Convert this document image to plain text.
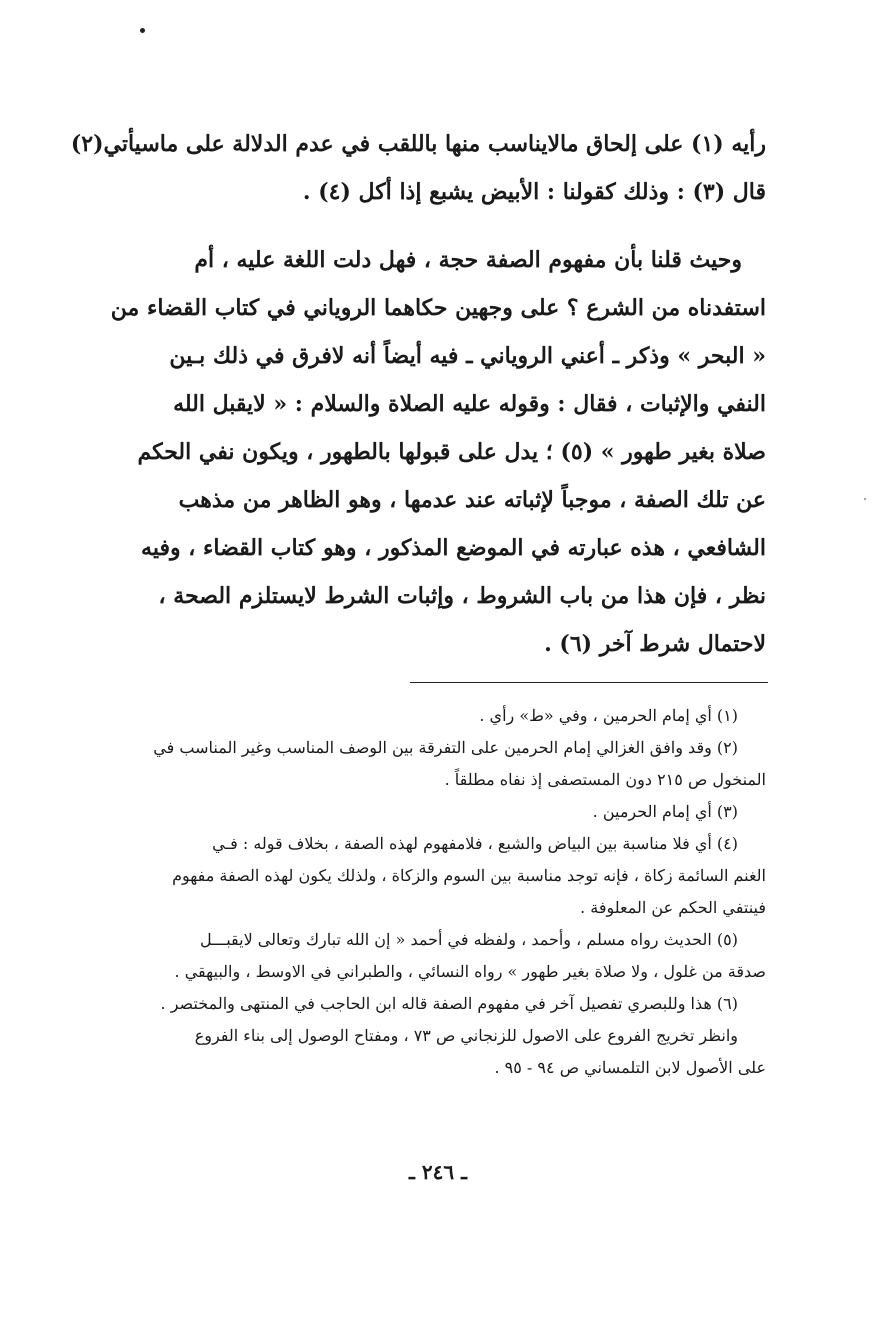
رأيه (١) على إلحاق مالايناسب منها باللقب في عدم الدلالة على ماسيأتي(٢)
قال (٣) : وذلك كقولنا : الأبيض يشبع إذا أكل (٤) .
وحيث قلنا بأن مفهوم الصفة حجة ، فهل دلت اللغة عليه ، أم
استفدناه من الشرع ؟ على وجهين حكاهما الروياني في كتاب القضاء من
« البحر » وذكر ـ أعني الروياني ـ فيه أيضاً أنه لافرق في ذلك بـين
النفي والإثبات ، فقال : وقوله عليه الصلاة والسلام : « لايقبل الله
صلاة بغير طهور » (٥) ؛ يدل على قبولها بالطهور ، ويكون نفي الحكم
عن تلك الصفة ، موجباً لإثباته عند عدمها ، وهو الظاهر من مذهب
الشافعي ، هذه عبارته في الموضع المذكور ، وهو كتاب القضاء ، وفيه
نظر ، فإن هذا من باب الشروط ، وإثبات الشرط لايستلزم الصحة ،
لاحتمال شرط آخر (٦) .
(١) أي إمام الحرمين ، وفي «ط» رأي .
(٢) وقد وافق الغزالي إمام الحرمين على التفرقة بين الوصف المناسب وغير المناسب في
المنخول ص ٢١٥ دون المستصفى إذ نفاه مطلقاً .
(٣) أي إمام الحرمين .
(٤) أي فلا مناسبة بين البياض والشبع ، فلامفهوم لهذه الصفة ، بخلاف قوله : فـي
الغنم السائمة زكاة ، فإنه توجد مناسبة بين السوم والزكاة ، ولذلك يكون لهذه الصفة مفهوم
فينتفي الحكم عن المعلوفة .
(٥) الحديث رواه مسلم ، وأحمد ، ولفظه في أحمد « إن الله تبارك وتعالى لايقبـــل
صدقة من غلول ، ولا صلاة بغير طهور » رواه النسائي ، والطبراني في الاوسط ، والبيهقي .
(٦) هذا وللبصري تفصيل آخر في مفهوم الصفة قاله ابن الحاجب في المنتهى والمختصر .
وانظر تخريج الفروع على الاصول للزنجاني ص ٧٣ ، ومفتاح الوصول إلى بناء الفروع
على الأصول لابن التلمساني ص ٩٤ - ٩٥ .
ـ ٢٤٦ ـ
